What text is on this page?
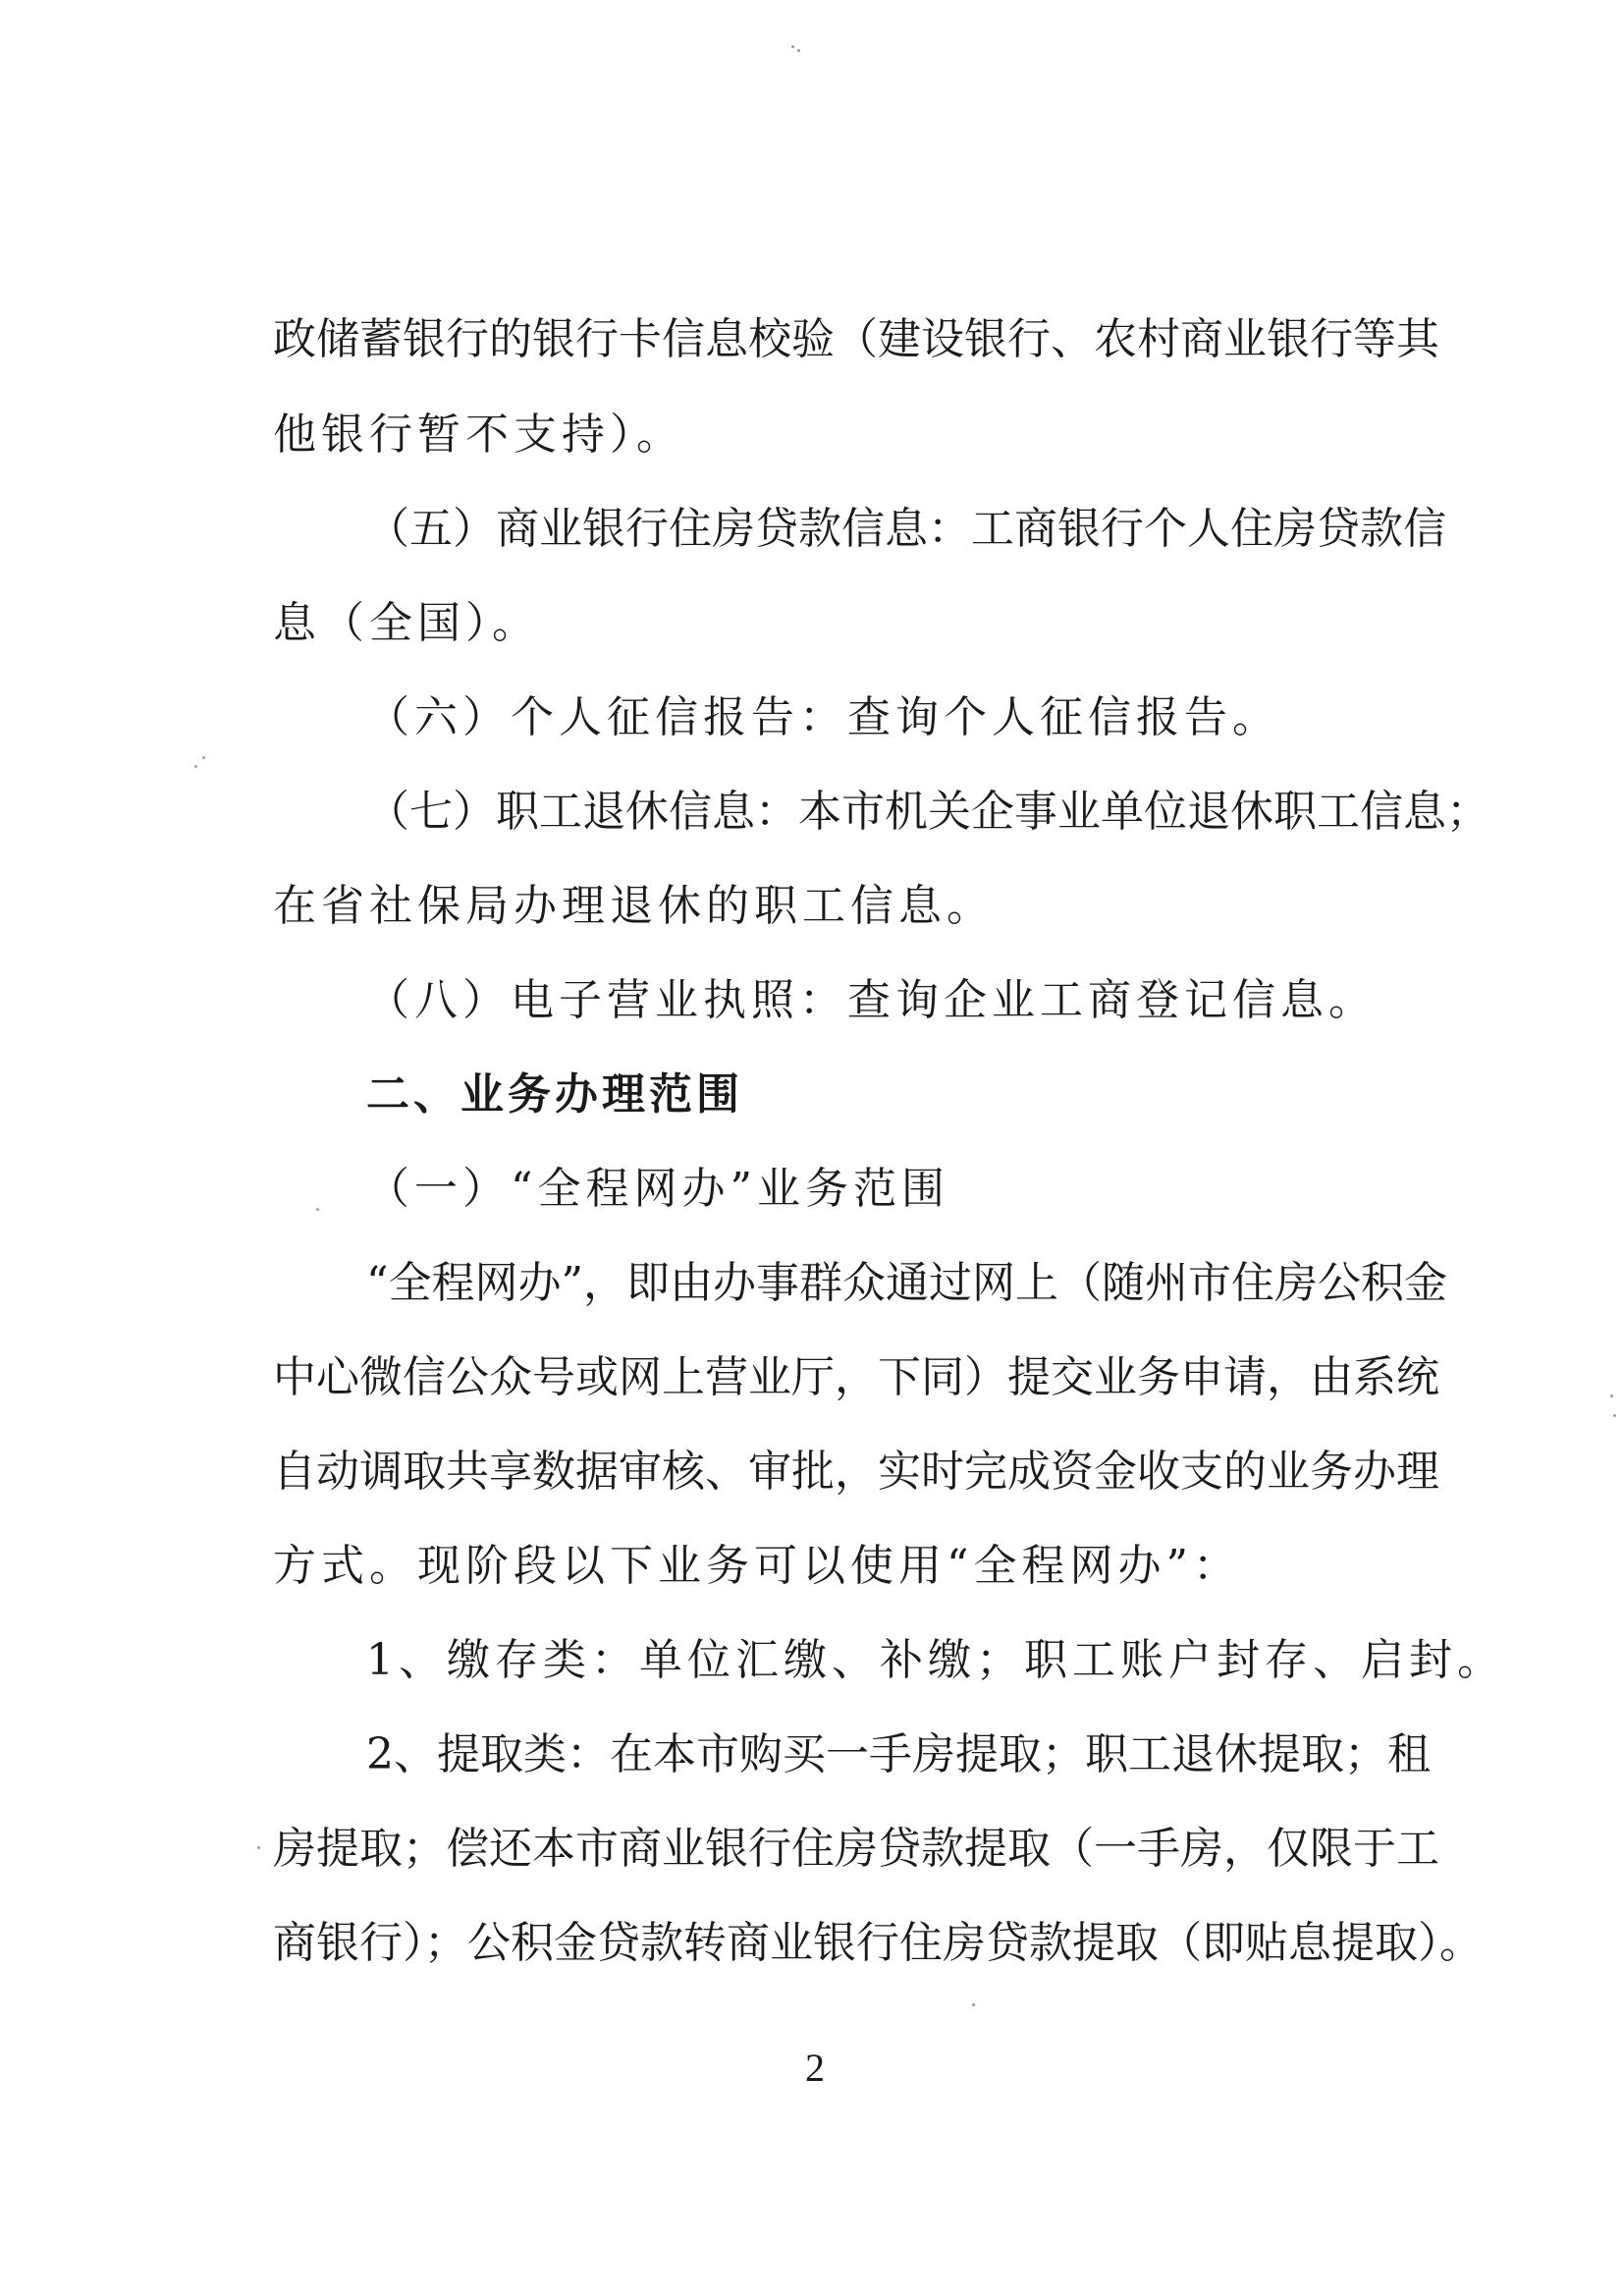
政储蓄银行的银行卡信息校验（建设银行、农村商业银行等其
他银行暂不支持）。
（五）商业银行住房贷款信息：工商银行个人住房贷款信
息（全国）。
（六）个人征信报告：查询个人征信报告。
（七）职工退休信息：本市机关企事业单位退休职工信息；
在省社保局办理退休的职工信息。
（八）电子营业执照：查询企业工商登记信息。
二、业务办理范围
（一）“全程网办”业务范围
“全程网办”，即由办事群众通过网上（随州市住房公积金
中心微信公众号或网上营业厅，下同）提交业务申请，由系统
自动调取共享数据审核、审批，实时完成资金收支的业务办理
方式。现阶段以下业务可以使用“全程网办”：
1、缴存类：单位汇缴、补缴；职工账户封存、启封。
2、提取类：在本市购买一手房提取；职工退休提取；租
房提取；偿还本市商业银行住房贷款提取（一手房，仅限于工
商银行）；公积金贷款转商业银行住房贷款提取（即贴息提取）。
2
